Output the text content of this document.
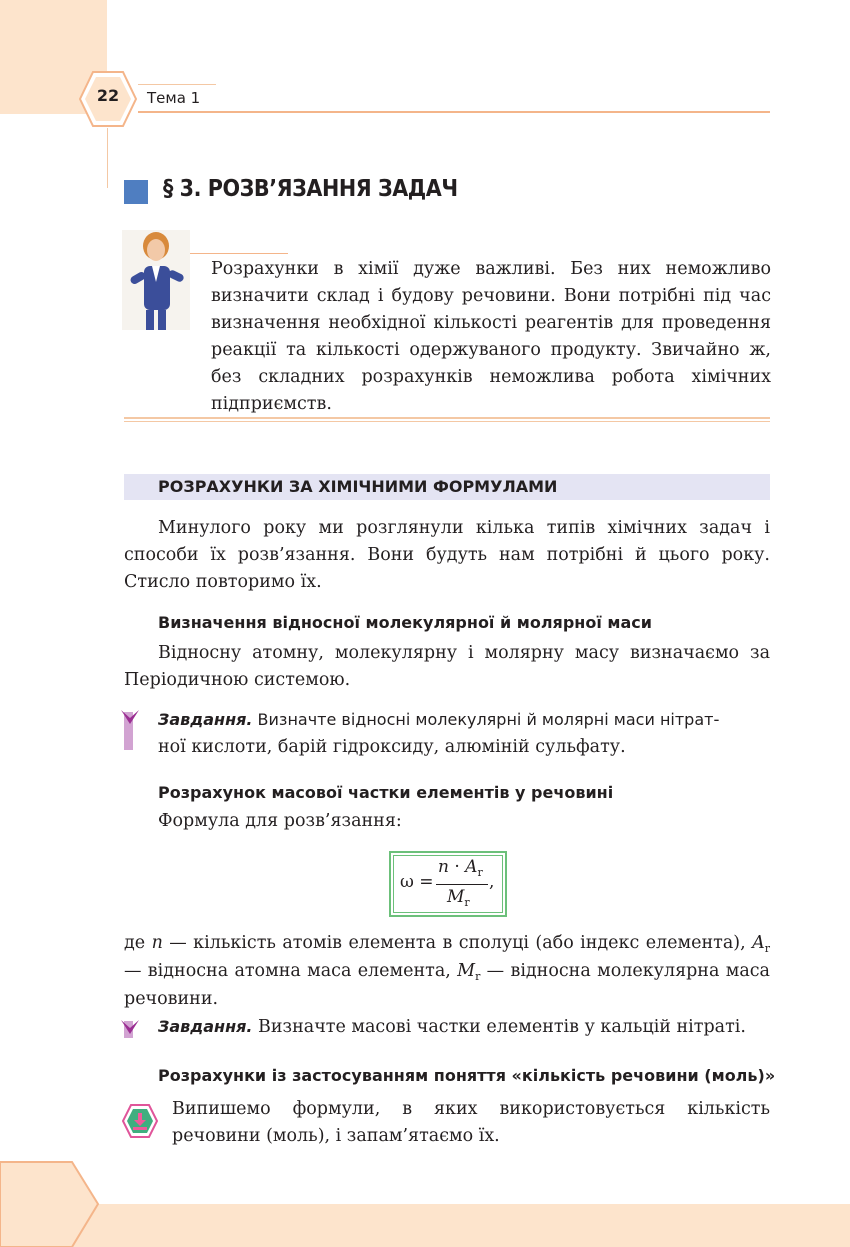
22	Тема 1
§ 3. РОЗВ’ЯЗАННЯ ЗАДАЧ
Розрахунки в хімії дуже важливі. Без них неможливо визначити склад і будову речовини. Вони потрібні під час визначення необхідної кількості реагентів для проведення реакції та кількості одержуваного продукту. Звичайно ж, без складних розрахунків неможлива робота хімічних підприємств.
РОЗРАХУНКИ ЗА ХІМІЧНИМИ ФОРМУЛАМИ
Минулого року ми розглянули кілька типів хімічних задач і способи їх розв’язання. Вони будуть нам потрібні й цього року. Стисло повторимо їх.
Визначення відносної молекулярної й молярної маси
Відносну атомну, молекулярну і молярну масу визначаємо за Періодичною системою.
Завдання. Визначте відносні молекулярні й молярні маси нітрат-
ної кислоти, барій гідроксиду, алюміній сульфату.
Розрахунок масової частки елементів у речовині
Формула для розв’язання:
ω =
$n \cdot A_r$
$M_r$
,
де n — кількість атомів елемента в сполуці (або індекс елемента), $A_r$ — відносна атомна маса елемента, $M_r$ — відносна молекулярна маса речовини.
Завдання. Визначте масові частки елементів у кальцій нітраті.
Розрахунки із застосуванням поняття «кількість речовини (моль)»
Випишемо формули, в яких використовується кількість речовини (моль), і запам’ятаємо їх.
